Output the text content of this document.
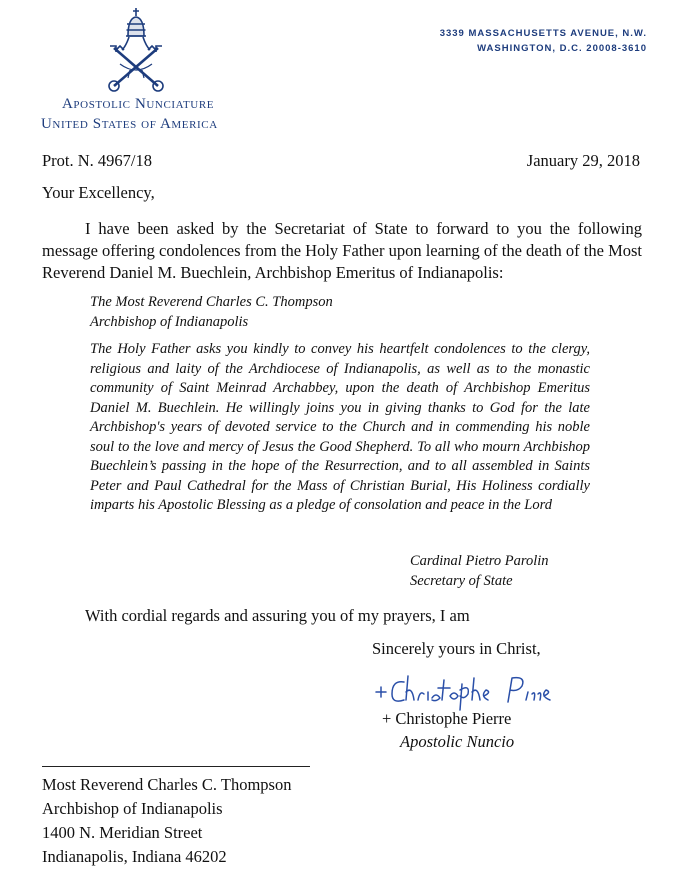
Apostolic Nunciature
United States of America
3339 MASSACHUSETTS AVENUE, N.W.
WASHINGTON, D.C. 20008-3610
Prot. N. 4967/18	January 29, 2018
Your Excellency,

I have been asked by the Secretariat of State to forward to you the following message offering condolences from the Holy Father upon learning of the death of the Most Reverend Daniel M. Buechlein, Archbishop Emeritus of Indianapolis:

The Most Reverend Charles C. Thompson
Archbishop of Indianapolis
The Holy Father asks you kindly to convey his heartfelt condolences to the clergy, religious and laity of the Archdiocese of Indianapolis, as well as to the monastic community of Saint Meinrad Archabbey, upon the death of Archbishop Emeritus Daniel M. Buechlein. He willingly joins you in giving thanks to God for the late Archbishop's years of devoted service to the Church and in commending his noble soul to the love and mercy of Jesus the Good Shepherd. To all who mourn Archbishop Buechlein’s passing in the hope of the Resurrection, and to all assembled in Saints Peter and Paul Cathedral for the Mass of Christian Burial, His Holiness cordially imparts his Apostolic Blessing as a pledge of consolation and peace in the Lord
Cardinal Pietro Parolin
Secretary of State
With cordial regards and assuring you of my prayers, I am
Sincerely yours in Christ,
+ Christophe Pierre
Apostolic Nuncio
Most Reverend Charles C. Thompson
Archbishop of Indianapolis
1400 N. Meridian Street
Indianapolis, Indiana 46202
